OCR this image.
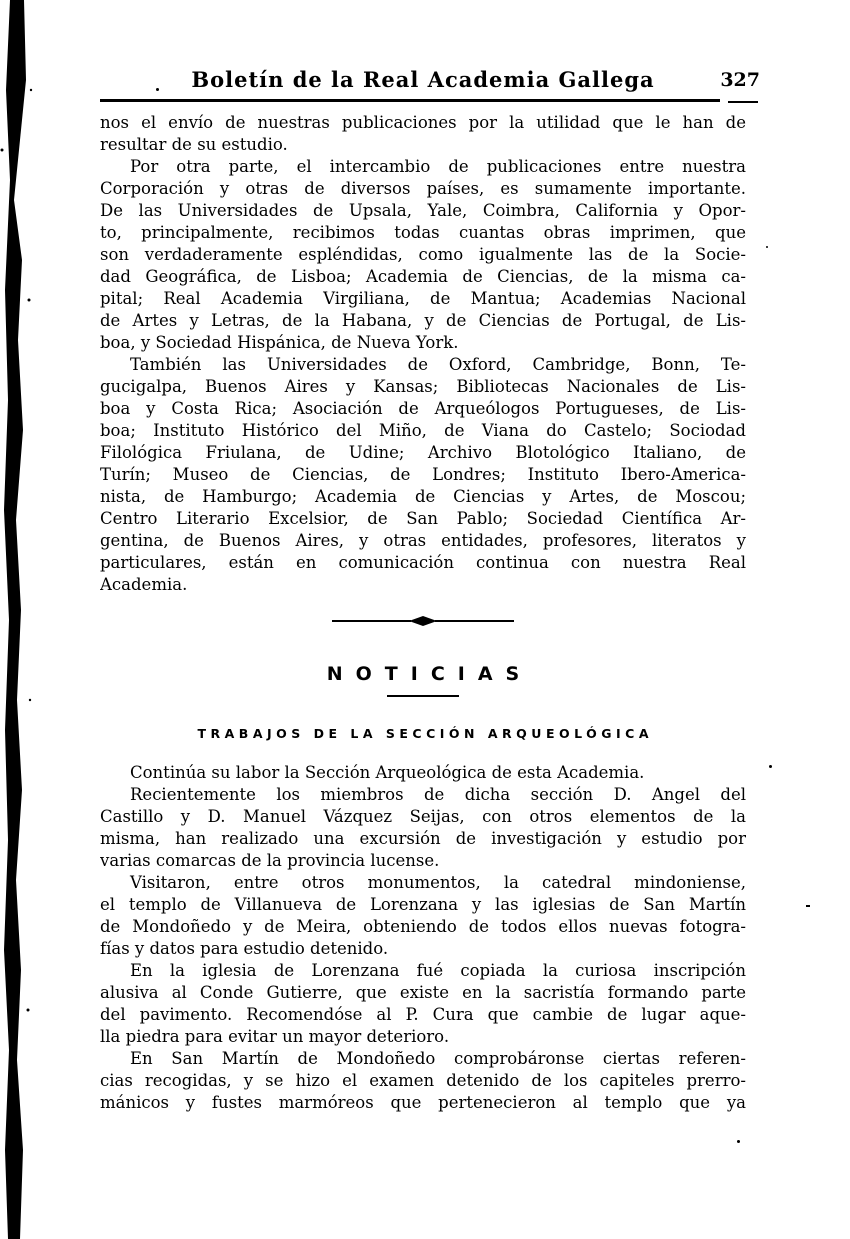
Boletín de la Real Academia Gallega	327
nos el envío de nuestras publicaciones por la utilidad que le han de
resultar de su estudio.
Por otra parte, el intercambio de publicaciones entre nuestra
Corporación y otras de diversos países, es sumamente importante.
De las Universidades de Upsala, Yale, Coimbra, California y Opor-
to, principalmente, recibimos todas cuantas obras imprimen, que
son verdaderamente espléndidas, como igualmente las de la Socie-
dad Geográfica, de Lisboa; Academia de Ciencias, de la misma ca-
pital; Real Academia Virgiliana, de Mantua; Academias Nacional
de Artes y Letras, de la Habana, y de Ciencias de Portugal, de Lis-
boa, y Sociedad Hispánica, de Nueva York.
También las Universidades de Oxford, Cambridge, Bonn, Te-
gucigalpa, Buenos Aires y Kansas; Bibliotecas Nacionales de Lis-
boa y Costa Rica; Asociación de Arqueólogos Portugueses, de Lis-
boa; Instituto Histórico del Miño, de Viana do Castelo; Sociodad
Filológica Friulana, de Udine; Archivo Blotológico Italiano, de
Turín; Museo de Ciencias, de Londres; Instituto Ibero-America-
nista, de Hamburgo; Academia de Ciencias y Artes, de Moscou;
Centro Literario Excelsior, de San Pablo; Sociedad Científica Ar-
gentina, de Buenos Aires, y otras entidades, profesores, literatos y
particulares, están en comunicación continua con nuestra Real
Academia.
NOTICIAS
TRABAJOS DE LA SECCIÓN ARQUEOLÓGICA
Continúa su labor la Sección Arqueológica de esta Academia.
Recientemente los miembros de dicha sección D. Angel del
Castillo y D. Manuel Vázquez Seijas, con otros elementos de la
misma, han realizado una excursión de investigación y estudio por
varias comarcas de la provincia lucense.
Visitaron, entre otros monumentos, la catedral mindoniense,
el templo de Villanueva de Lorenzana y las iglesias de San Martín
de Mondoñedo y de Meira, obteniendo de todos ellos nuevas fotogra-
fías y datos para estudio detenido.
En la iglesia de Lorenzana fué copiada la curiosa inscripción
alusiva al Conde Gutierre, que existe en la sacristía formando parte
del pavimento. Recomendóse al P. Cura que cambie de lugar aque-
lla piedra para evitar un mayor deterioro.
En San Martín de Mondoñedo comprobáronse ciertas referen-
cias recogidas, y se hizo el examen detenido de los capiteles prerro-
mánicos y fustes marmóreos que pertenecieron al templo que ya
